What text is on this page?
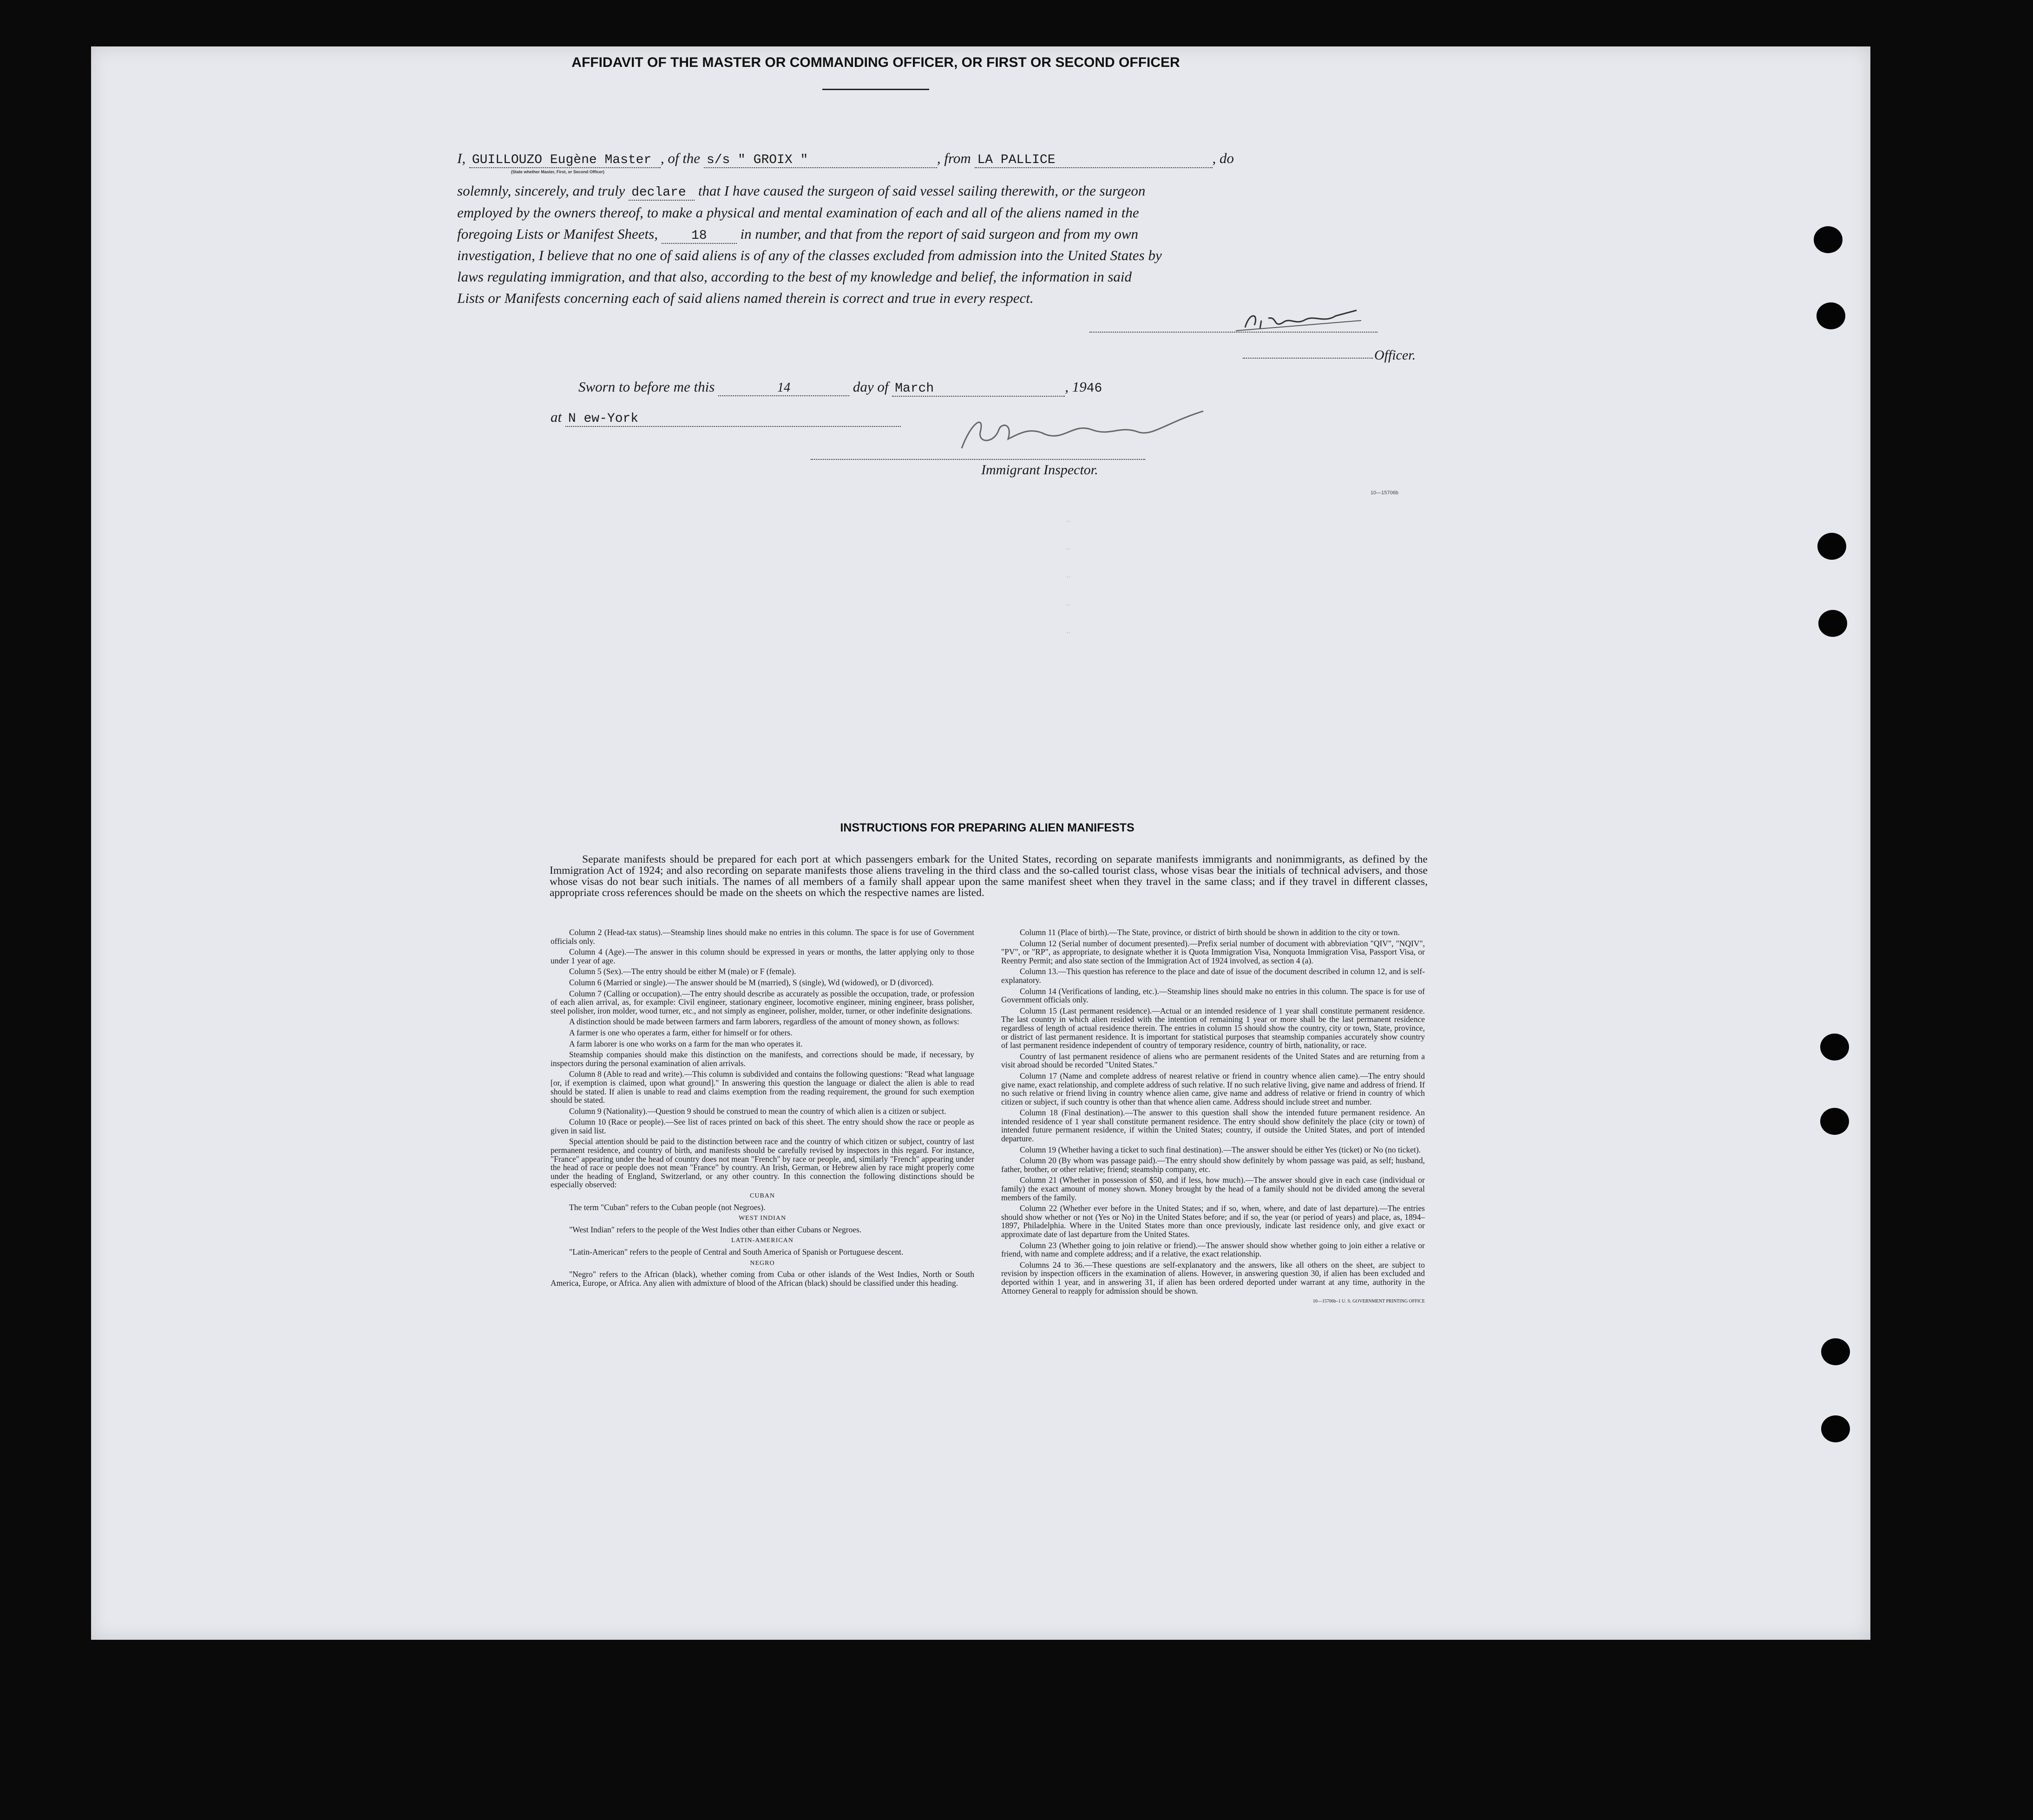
AFFIDAVIT OF THE MASTER OR COMMANDING OFFICER, OR FIRST OR SECOND OFFICER
I, GUILLOUZO Eugène Master
(State whether Master, First, or Second Officer)
, of the s/s " GROIX "	, from LA PALLICE	, do
solemnly, sincerely, and truly declare that I have caused the surgeon of said vessel sailing therewith, or the surgeon
employed by the owners thereof, to make a physical and mental examination of each and all of the aliens named in the
foregoing Lists or Manifest Sheets,	18 in number, and that from the report of said surgeon and from my own
investigation, I believe that no one of said aliens is of any of the classes excluded from admission into the United States by
laws regulating immigration, and that also, according to the best of my knowledge and belief, the information in said
Lists or Manifests concerning each of said aliens named therein is correct and true in every respect.
Officer.
Sworn to before me this	14	day of March	, 1946
at N ew-York
Immigrant Inspector.
10—15706b
‥
‥
‥
‥
‥
INSTRUCTIONS FOR PREPARING ALIEN MANIFESTS
Separate manifests should be prepared for each port at which passengers embark for the United States, recording on separate manifests immigrants and nonimmigrants, as defined by the Immigration Act of 1924; and also recording on separate manifests those aliens traveling in the third class and the so-called tourist class, whose visas bear the initials of technical advisers, and those whose visas do not bear such initials. The names of all members of a family shall appear upon the same manifest sheet when they travel in the same class; and if they travel in different classes, appropriate cross references should be made on the sheets on which the respective names are listed.

Column 2 (Head-tax status).—Steamship lines should make no entries in this column. The space is for use of Government officials only.

Column 4 (Age).—The answer in this column should be expressed in years or months, the latter applying only to those under 1 year of age.

Column 5 (Sex).—The entry should be either M (male) or F (female).

Column 6 (Married or single).—The answer should be M (married), S (single), Wd (widowed), or D (divorced).

Column 7 (Calling or occupation).—The entry should describe as accurately as possible the occupation, trade, or profession of each alien arrival, as, for example: Civil engineer, stationary engineer, locomotive engineer, mining engineer, brass polisher, steel polisher, iron molder, wood turner, etc., and not simply as engineer, polisher, molder, turner, or other indefinite designations.

A distinction should be made between farmers and farm laborers, regardless of the amount of money shown, as follows:

A farmer is one who operates a farm, either for himself or for others.

A farm laborer is one who works on a farm for the man who operates it.

Steamship companies should make this distinction on the manifests, and corrections should be made, if necessary, by inspectors during the personal examination of alien arrivals.

Column 8 (Able to read and write).—This column is subdivided and contains the following questions: "Read what language [or, if exemption is claimed, upon what ground]." In answering this question the language or dialect the alien is able to read should be stated. If alien is unable to read and claims exemption from the reading requirement, the ground for such exemption should be stated.

Column 9 (Nationality).—Question 9 should be construed to mean the country of which alien is a citizen or subject.

Column 10 (Race or people).—See list of races printed on back of this sheet. The entry should show the race or people as given in said list.

Special attention should be paid to the distinction between race and the country of which citizen or subject, country of last permanent residence, and country of birth, and manifests should be carefully revised by inspectors in this regard. For instance, "France" appearing under the head of country does not mean "French" by race or people, and, similarly "French" appearing under the head of race or people does not mean "France" by country. An Irish, German, or Hebrew alien by race might properly come under the heading of England, Switzerland, or any other country. In this connection the following distinctions should be especially observed:

CUBAN

The term "Cuban" refers to the Cuban people (not Negroes).

WEST INDIAN

"West Indian" refers to the people of the West Indies other than either Cubans or Negroes.

LATIN-AMERICAN

"Latin-American" refers to the people of Central and South America of Spanish or Portuguese descent.

NEGRO

"Negro" refers to the African (black), whether coming from Cuba or other islands of the West Indies, North or South America, Europe, or Africa. Any alien with admixture of blood of the African (black) should be classified under this heading.

Column 11 (Place of birth).—The State, province, or district of birth should be shown in addition to the city or town.

Column 12 (Serial number of document presented).—Prefix serial number of document with abbreviation "QIV", "NQIV", "PV", or "RP", as appropriate, to designate whether it is Quota Immigration Visa, Nonquota Immigration Visa, Passport Visa, or Reentry Permit; and also state section of the Immigration Act of 1924 involved, as section 4 (a).

Column 13.—This question has reference to the place and date of issue of the document described in column 12, and is self-explanatory.

Column 14 (Verifications of landing, etc.).—Steamship lines should make no entries in this column. The space is for use of Government officials only.

Column 15 (Last permanent residence).—Actual or an intended residence of 1 year shall constitute permanent residence. The last country in which alien resided with the intention of remaining 1 year or more shall be the last permanent residence regardless of length of actual residence therein. The entries in column 15 should show the country, city or town, State, province, or district of last permanent residence. It is important for statistical purposes that steamship companies accurately show country of last permanent residence independent of country of temporary residence, country of birth, nationality, or race.

Country of last permanent residence of aliens who are permanent residents of the United States and are returning from a visit abroad should be recorded "United States."

Column 17 (Name and complete address of nearest relative or friend in country whence alien came).—The entry should give name, exact relationship, and complete address of such relative. If no such relative living, give name and address of friend. If no such relative or friend living in country whence alien came, give name and address of relative or friend in country of which citizen or subject, if such country is other than that whence alien came. Address should include street and number.

Column 18 (Final destination).—The answer to this question shall show the intended future permanent residence. An intended residence of 1 year shall constitute permanent residence. The entry should show definitely the place (city or town) of intended future permanent residence, if within the United States; country, if outside the United States, and port of intended departure.

Column 19 (Whether having a ticket to such final destination).—The answer should be either Yes (ticket) or No (no ticket).

Column 20 (By whom was passage paid).—The entry should show definitely by whom passage was paid, as self; husband, father, brother, or other relative; friend; steamship company, etc.

Column 21 (Whether in possession of $50, and if less, how much).—The answer should give in each case (individual or family) the exact amount of money shown. Money brought by the head of a family should not be divided among the several members of the family.

Column 22 (Whether ever before in the United States; and if so, when, where, and date of last departure).—The entries should show whether or not (Yes or No) in the United States before; and if so, the year (or period of years) and place, as, 1894–1897, Philadelphia. Where in the United States more than once previously, indicate last residence only, and give exact or approximate date of last departure from the United States.

Column 23 (Whether going to join relative or friend).—The answer should show whether going to join either a relative or friend, with name and complete address; and if a relative, the exact relationship.

Columns 24 to 36.—These questions are self-explanatory and the answers, like all others on the sheet, are subject to revision by inspection officers in the examination of aliens. However, in answering question 30, if alien has been excluded and deported within 1 year, and in answering 31, if alien has been ordered deported under warrant at any time, authority in the Attorney General to reapply for admission should be shown.

10—15706b–1 U. S. GOVERNMENT PRINTING OFFICE
